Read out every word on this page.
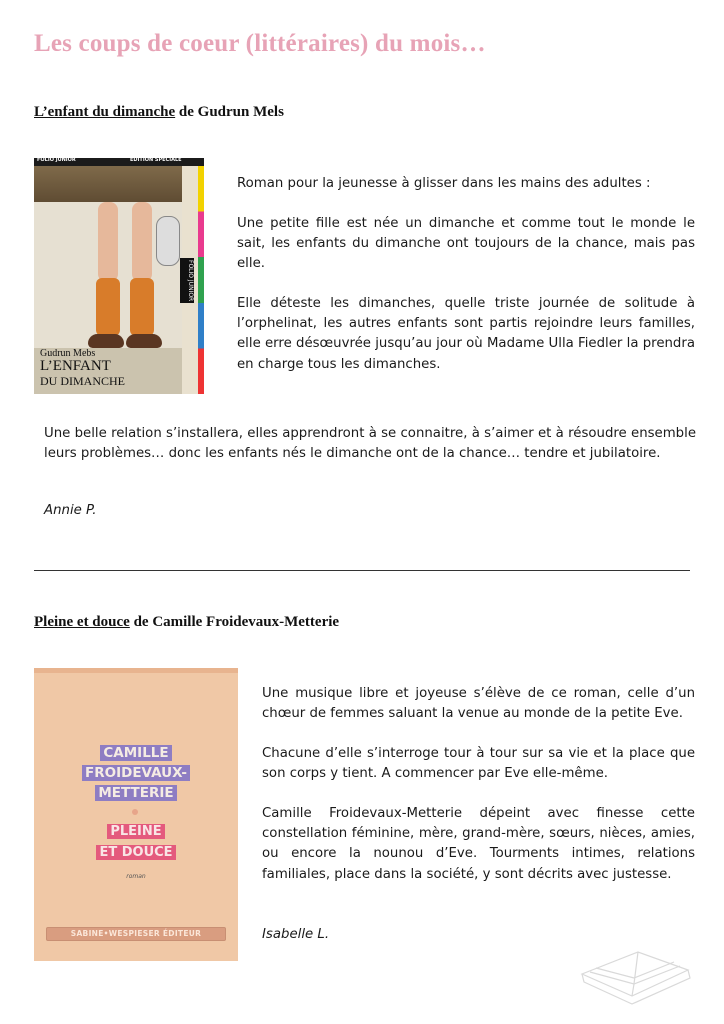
Les coups de coeur (littéraires) du mois…
L’enfant du dimanche de Gudrun Mels
FOLIO JUNIOR	ÉDITION SPÉCIALE
FOLIO JUNIOR
Gudrun Mebs
L’ENFANT
DU DIMANCHE

Roman pour la jeunesse à glisser dans les mains des adultes :

Une petite fille est née un dimanche et comme tout le monde le sait, les enfants du dimanche ont toujours de la chance, mais pas elle.

Elle déteste les dimanches, quelle triste journée de solitude à l’orphelinat, les autres enfants sont partis rejoindre leurs familles, elle erre désœuvrée jusqu’au jour où Madame Ulla Fiedler la prendra en charge tous les dimanches.

Une belle relation s’installera, elles apprendront à se connaitre, à s’aimer et à résoudre ensemble leurs problèmes… donc les enfants nés le dimanche ont de la chance… tendre et jubilatoire.

Annie P.
Pleine et douce de Camille Froidevaux-Metterie
CAMILLE
FROIDEVAUX-
METTERIE
PLEINE
ET DOUCE
roman
SABINE•WESPIESER ÉDITEUR

Une musique libre et joyeuse s’élève de ce roman, celle d’un chœur de femmes saluant la venue au monde de la petite Eve.

Chacune d’elle s’interroge tour à tour sur sa vie et la place que son corps y tient. A commencer par Eve elle-même.

Camille Froidevaux-Metterie dépeint avec finesse cette constellation féminine, mère, grand-mère, sœurs, nièces, amies, ou encore la nounou d’Eve. Tourments intimes, relations familiales, place dans la société, y sont décrits avec justesse.

Isabelle L.
